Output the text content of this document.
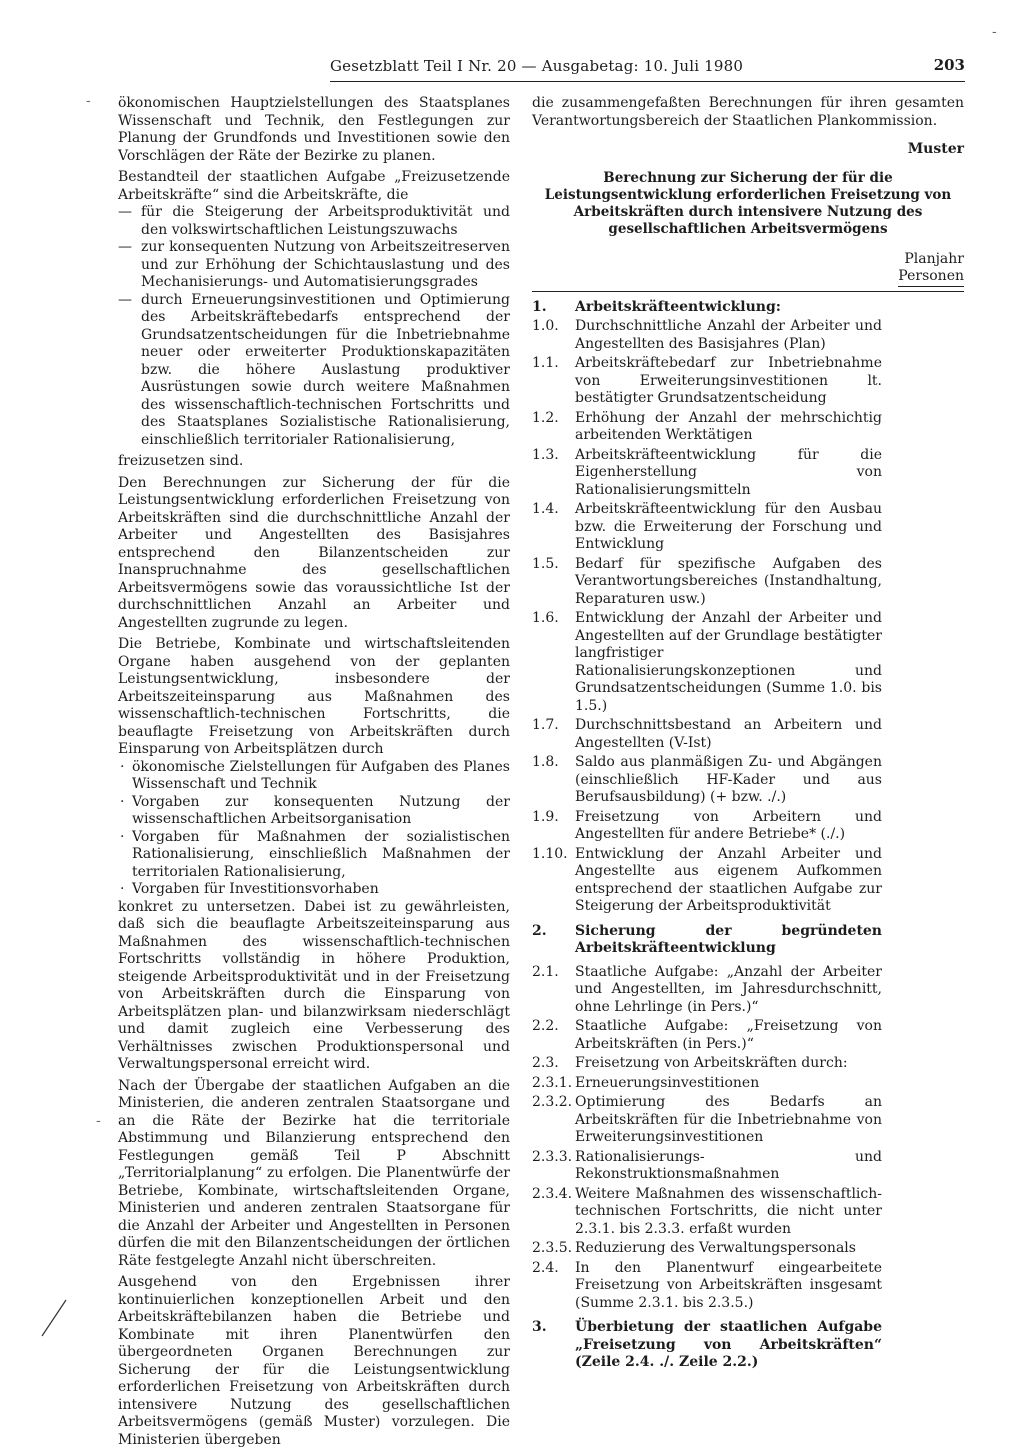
Gesetzblatt Teil I Nr. 20 — Ausgabetag: 10. Juli 1980	203
-
-
-

ökonomischen Hauptzielstellungen des Staatsplanes Wissenschaft und Technik, den Festlegungen zur Planung der Grundfonds und Investitionen sowie den Vorschlägen der Räte der Bezirke zu planen.

Bestandteil der staatlichen Aufgabe „Freizusetzende Arbeitskräfte“ sind die Arbeitskräfte, die

— für die Steigerung der Arbeitsproduktivität und den volkswirtschaftlichen Leistungszuwachs
— zur konsequenten Nutzung von Arbeitszeitreserven und zur Erhöhung der Schichtauslastung und des Mechanisierungs- und Automatisierungsgrades
— durch Erneuerungsinvestitionen und Optimierung des Arbeitskräftebedarfs entsprechend der Grundsatzentscheidungen für die Inbetriebnahme neuer oder erweiterter Produktionskapazitäten bzw. die höhere Auslastung produktiver Ausrüstungen sowie durch weitere Maßnahmen des wissenschaftlich-technischen Fortschritts und des Staatsplanes Sozialistische Rationalisierung, einschließlich territorialer Rationalisierung,

freizusetzen sind.

Den Berechnungen zur Sicherung der für die Leistungsentwicklung erforderlichen Freisetzung von Arbeitskräften sind die durchschnittliche Anzahl der Arbeiter und Angestellten des Basisjahres entsprechend den Bilanzentscheiden zur Inanspruchnahme des gesellschaftlichen Arbeitsvermögens sowie das voraussichtliche Ist der durchschnittlichen Anzahl an Arbeiter und Angestellten zugrunde zu legen.

Die Betriebe, Kombinate und wirtschaftsleitenden Organe haben ausgehend von der geplanten Leistungsentwicklung, insbesondere der Arbeitszeiteinsparung aus Maßnahmen des wissenschaftlich-technischen Fortschritts, die beauflagte Freisetzung von Arbeitskräften durch Einsparung von Arbeitsplätzen durch

· ökonomische Zielstellungen für Aufgaben des Planes Wissenschaft und Technik
· Vorgaben zur konsequenten Nutzung der wissenschaftlichen Arbeitsorganisation
· Vorgaben für Maßnahmen der sozialistischen Rationalisierung, einschließlich Maßnahmen der territorialen Rationalisierung,
· Vorgaben für Investitionsvorhaben

konkret zu untersetzen. Dabei ist zu gewährleisten, daß sich die beauflagte Arbeitszeiteinsparung aus Maßnahmen des wissenschaftlich-technischen Fortschritts vollständig in höhere Produktion, steigende Arbeitsproduktivität und in der Freisetzung von Arbeitskräften durch die Einsparung von Arbeitsplätzen plan- und bilanzwirksam niederschlägt und damit zugleich eine Verbesserung des Verhältnisses zwischen Produktionspersonal und Verwaltungspersonal erreicht wird.

Nach der Übergabe der staatlichen Aufgaben an die Ministerien, die anderen zentralen Staatsorgane und an die Räte der Bezirke hat die territoriale Abstimmung und Bilanzierung entsprechend den Festlegungen gemäß Teil P Abschnitt „Territorialplanung“ zu erfolgen. Die Planentwürfe der Betriebe, Kombinate, wirtschaftsleitenden Organe, Ministerien und anderen zentralen Staatsorgane für die Anzahl der Arbeiter und Angestellten in Personen dürfen die mit den Bilanzentscheidungen der örtlichen Räte festgelegte Anzahl nicht überschreiten.

Ausgehend von den Ergebnissen ihrer kontinuierlichen konzeptionellen Arbeit und den Arbeitskräftebilanzen haben die Betriebe und Kombinate mit ihren Planentwürfen den übergeordneten Organen Berechnungen zur Sicherung der für die Leistungsentwicklung erforderlichen Freisetzung von Arbeitskräften durch intensivere Nutzung des gesellschaftlichen Arbeitsvermögens (gemäß Muster) vorzulegen. Die Ministerien übergeben

die zusammengefaßten Berechnungen für ihren gesamten Verantwortungsbereich der Staatlichen Plankommission.

Muster
Berechnung zur Sicherung der für die Leistungsentwicklung erforderlichen Freisetzung von Arbeitskräften durch intensivere Nutzung des gesellschaftlichen Arbeitsvermögens
Planjahr
Personen
1.	Arbeitskräfteentwicklung:
1.0.	Durchschnittliche Anzahl der Arbeiter und Angestellten des Basisjahres (Plan)
1.1.	Arbeitskräftebedarf zur Inbetriebnahme von Erweiterungsinvestitionen lt. bestätigter Grundsatzentscheidung
1.2.	Erhöhung der Anzahl der mehrschichtig arbeitenden Werktätigen
1.3.	Arbeitskräfteentwicklung für die Eigenherstellung von Rationalisierungsmitteln
1.4.	Arbeitskräfteentwicklung für den Ausbau bzw. die Erweiterung der Forschung und Entwicklung
1.5.	Bedarf für spezifische Aufgaben des Verantwortungsbereiches (Instandhaltung, Reparaturen usw.)
1.6.	Entwicklung der Anzahl der Arbeiter und Angestellten auf der Grundlage bestätigter langfristiger Rationalisierungskonzeptionen und Grundsatzentscheidungen (Summe 1.0. bis 1.5.)
1.7.	Durchschnittsbestand an Arbeitern und Angestellten (V-Ist)
1.8.	Saldo aus planmäßigen Zu- und Abgängen (einschließlich HF-Kader und aus Berufsausbildung) (+ bzw. ./.)
1.9.	Freisetzung von Arbeitern und Angestellten für andere Betriebe* (./.)
1.10. Entwicklung der Anzahl Arbeiter und Angestellte aus eigenem Aufkommen entsprechend der staatlichen Aufgabe zur Steigerung der Arbeitsproduktivität
2.	Sicherung der begründeten Arbeitskräfteentwicklung
2.1.	Staatliche Aufgabe: „Anzahl der Arbeiter und Angestellten, im Jahresdurchschnitt, ohne Lehrlinge (in Pers.)“
2.2.	Staatliche Aufgabe: „Freisetzung von Arbeitskräften (in Pers.)“
2.3.	Freisetzung von Arbeitskräften durch:
2.3.1. Erneuerungsinvestitionen
2.3.2. Optimierung des Bedarfs an Arbeitskräften für die Inbetriebnahme von Erweiterungsinvestitionen
2.3.3. Rationalisierungs- und Rekonstruktionsmaßnahmen
2.3.4. Weitere Maßnahmen des wissenschaftlich-technischen Fortschritts, die nicht unter 2.3.1. bis 2.3.3. erfaßt wurden
2.3.5. Reduzierung des Verwaltungspersonals
2.4.	In den Planentwurf eingearbeitete Freisetzung von Arbeitskräften insgesamt (Summe 2.3.1. bis 2.3.5.)
3.	Überbietung der staatlichen Aufgabe „Freisetzung von Arbeitskräften“ (Zeile 2.4. ./. Zeile 2.2.)
